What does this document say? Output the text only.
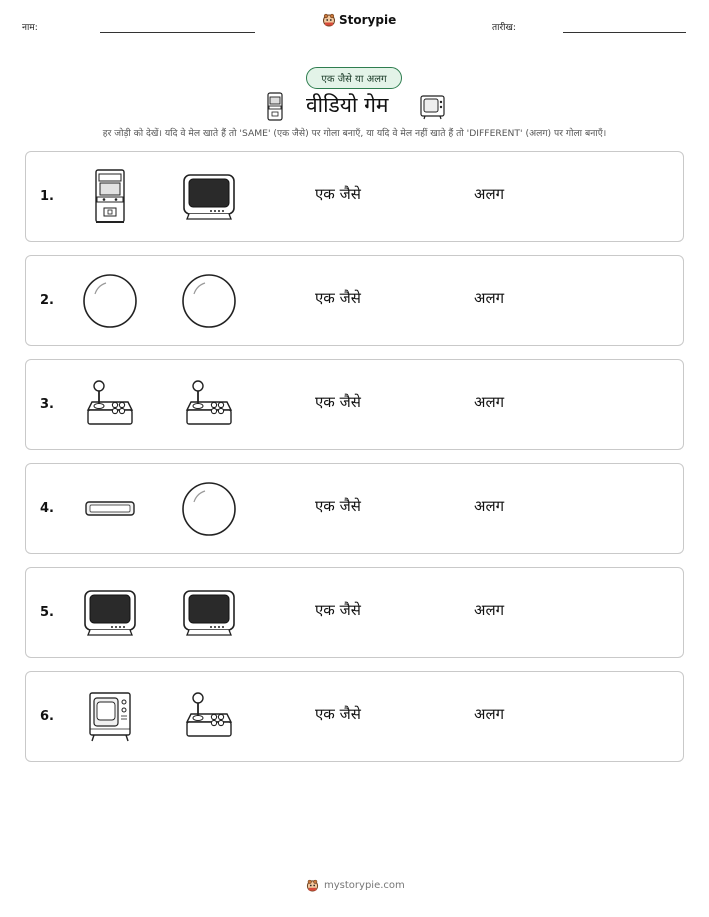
नाम:
Storypie
तारीख:
एक जैसे या अलग
वीडियो गेम
हर जोड़ी को देखें। यदि वे मेल खाते हैं तो 'SAME' (एक जैसे) पर गोला बनाएँ, या यदि वे मेल नहीं खाते हैं तो 'DIFFERENT' (अलग) पर गोला बनाएँ।
1.	एक जैसे	अलग
2.	एक जैसे	अलग
3.	एक जैसे	अलग
4.	एक जैसे	अलग
5.	एक जैसे	अलग
6.	एक जैसे	अलग
mystorypie.com
